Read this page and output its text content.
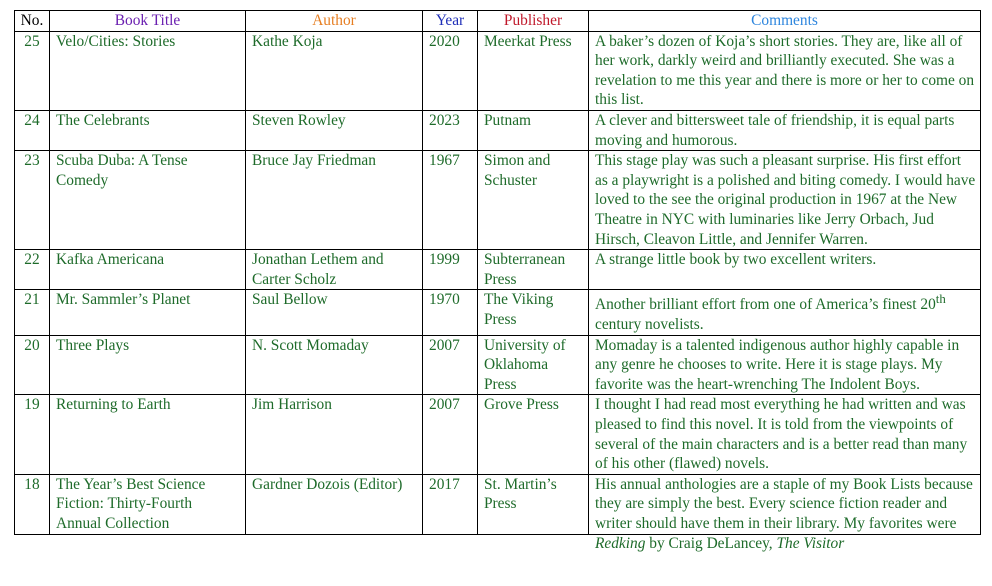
No.	Book Title	Author	Year	Publisher	Comments
25	Velo/Cities: Stories	Kathe Koja	2020	Meerkat Press	A baker’s dozen of Koja’s short stories. They are, like all of her work, darkly weird and brilliantly executed. She was a revelation to me this year and there is more or her to come on this list.
24	The Celebrants	Steven Rowley	2023	Putnam	A clever and bittersweet tale of friendship, it is equal parts moving and humorous.
23	Scuba Duba: A Tense Comedy	Bruce Jay Friedman	1967	Simon and Schuster	This stage play was such a pleasant surprise. His first effort as a playwright is a polished and biting comedy. I would have loved to the see the original production in 1967 at the New Theatre in NYC with luminaries like Jerry Orbach, Jud Hirsch, Cleavon Little, and Jennifer Warren.
22	Kafka Americana	Jonathan Lethem and Carter Scholz	1999	Subterranean Press	A strange little book by two excellent writers.
21	Mr. Sammler’s Planet	Saul Bellow	1970	The Viking Press	Another brilliant effort from one of America’s finest 20th century novelists.
20	Three Plays	N. Scott Momaday	2007	University of Oklahoma Press	Momaday is a talented indigenous author highly capable in any genre he chooses to write. Here it is stage plays. My favorite was the heart-wrenching The Indolent Boys.
19	Returning to Earth	Jim Harrison	2007	Grove Press	I thought I had read most everything he had written and was pleased to find this novel. It is told from the viewpoints of several of the main characters and is a better read than many of his other (flawed) novels.
18	The Year’s Best Science Fiction: Thirty-Fourth Annual Collection	Gardner Dozois (Editor)	2017	St. Martin’s Press	His annual anthologies are a staple of my Book Lists because they are simply the best. Every science fiction reader and writer should have them in their library. My favorites were Redking by Craig DeLancey, The Visitor
